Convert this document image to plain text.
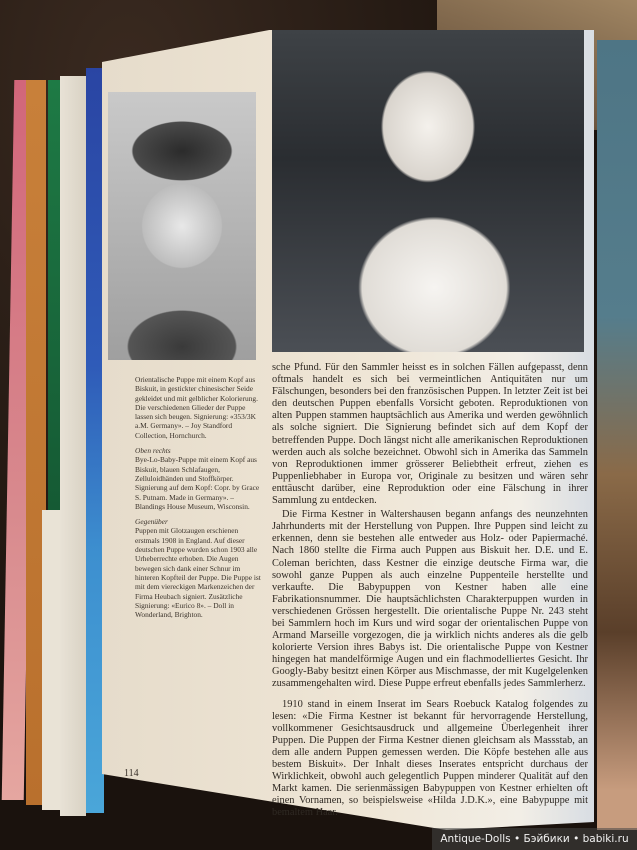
Orientalische Puppe mit einem Kopf aus Biskuit, in gestickter chinesischer Seide gekleidet und mit gelblicher Kolorierung. Die verschiedenen Glieder der Puppe lassen sich beugen. Signierung: «353/3K a.M. Germany». – Joy Standford Collection, Hornchurch.
Oben rechts
Bye-Lo-Baby-Puppe mit einem Kopf aus Biskuit, blauen Schlafaugen, Zelluloidhänden und Stoffkörper. Signierung auf dem Kopf: Copr. by Grace S. Putnam. Made in Germany». – Blandings House Museum, Wisconsin.
Gegenüber
Puppen mit Glotzaugen erschienen erstmals 1908 in England. Auf dieser deutschen Puppe wurden schon 1903 alle Urheberrechte erhoben. Die Augen bewegen sich dank einer Schnur im hinteren Kopfteil der Puppe. Die Puppe ist mit dem viereckigen Markenzeichen der Firma Heubach signiert. Zusätzliche Signierung: «Eurico 8». – Doll in Wonderland, Brighton.

sche Pfund. Für den Sammler heisst es in solchen Fällen aufgepasst, denn oftmals handelt es sich bei vermeintlichen Antiquitäten nur um Fälschungen, besonders bei den französischen Puppen. In letzter Zeit ist bei den deutschen Puppen ebenfalls Vorsicht geboten. Reproduktionen von alten Puppen stammen hauptsächlich aus Amerika und werden gewöhnlich als solche signiert. Die Signierung befindet sich auf dem Kopf der betreffenden Puppe. Doch längst nicht alle amerikanischen Reproduktionen werden auch als solche bezeichnet. Obwohl sich in Amerika das Sammeln von Reproduktionen immer grösserer Beliebtheit erfreut, ziehen es Puppenliebhaber in Europa vor, Originale zu besitzen und wären sehr enttäuscht darüber, eine Reproduktion oder eine Fälschung in ihrer Sammlung zu entdecken.

Die Firma Kestner in Waltershausen begann anfangs des neunzehnten Jahrhunderts mit der Herstellung von Puppen. Ihre Puppen sind leicht zu erkennen, denn sie bestehen alle entweder aus Holz- oder Papiermaché. Nach 1860 stellte die Firma auch Puppen aus Biskuit her. D.E. und E. Coleman berichten, dass Kestner die einzige deutsche Firma war, die sowohl ganze Puppen als auch einzelne Puppenteile herstellte und verkaufte. Die Babypuppen von Kestner haben alle eine Fabrikationsnummer. Die hauptsächlichsten Charakterpuppen wurden in verschiedenen Grössen hergestellt. Die orientalische Puppe Nr. 243 steht bei Sammlern hoch im Kurs und wird sogar der orientalischen Puppe von Armand Marseille vorgezogen, die ja wirklich nichts anderes als die gelb kolorierte Version ihres Babys ist. Die orientalische Puppe von Kestner hingegen hat mandelförmige Augen und ein flachmodelliertes Gesicht. Ihr Googly-Baby besitzt einen Körper aus Mischmasse, der mit Kugelgelenken zusammengehalten wird. Diese Puppe erfreut ebenfalls jedes Sammlerherz.

1910 stand in einem Inserat im Sears Roebuck Katalog folgendes zu lesen: «Die Firma Kestner ist bekannt für hervorragende Herstellung, vollkommener Gesichtsausdruck und allgemeine Überlegenheit ihrer Puppen. Die Puppen der Firma Kestner dienen gleichsam als Massstab, an dem alle andern Puppen gemessen werden. Die Köpfe bestehen alle aus bestem Biskuit». Der Inhalt dieses Inserates entspricht durchaus der Wirklichkeit, obwohl auch gelegentlich Puppen minderer Qualität auf den Markt kamen. Die serienmässigen Babypuppen von Kestner erhielten oft einen Vornamen, so beispielsweise «Hilda J.D.K.», eine Babypuppe mit bemaltem Haar.

114
Antique-Dolls • Бэйбики • babiki.ru
